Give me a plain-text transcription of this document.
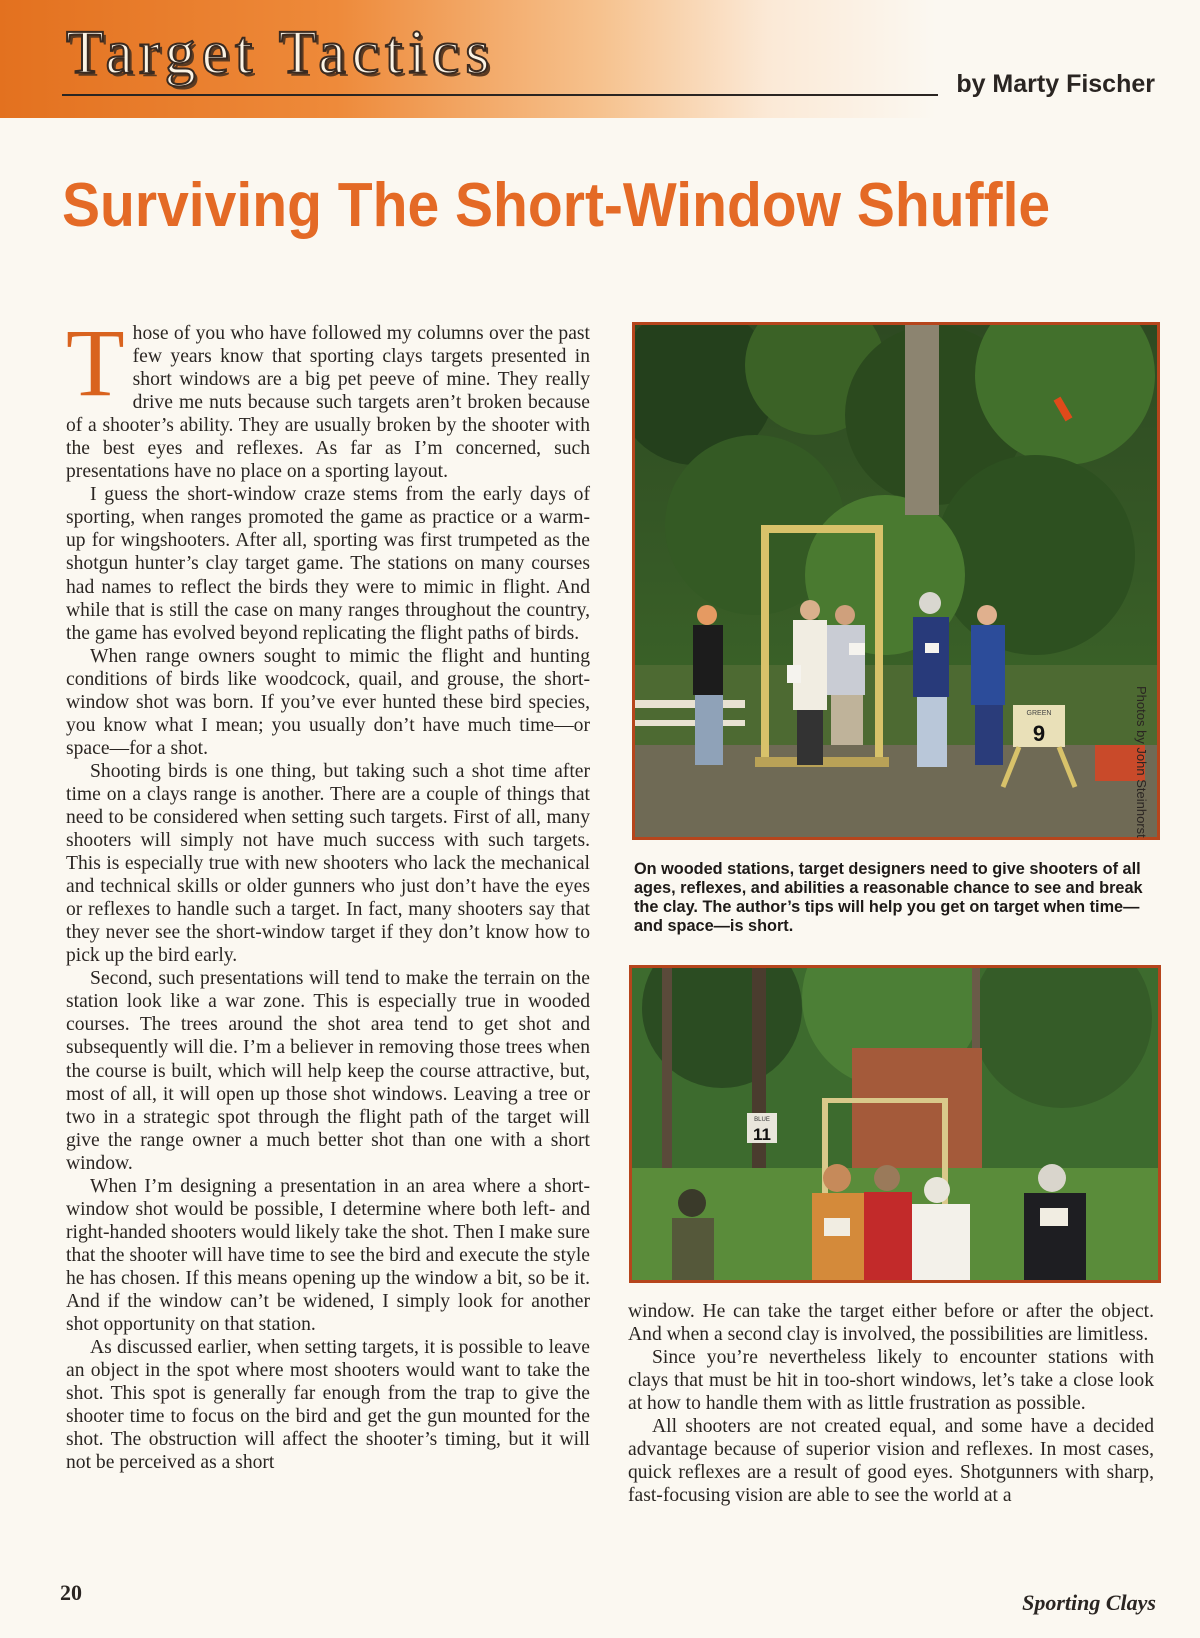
Target Tactics	by Marty Fischer
Surviving The Short-Window Shuffle

Those of you who have followed my columns over the past few years know that sporting clays targets presented in short windows are a big pet peeve of mine. They really drive me nuts because such targets aren’t broken because of a shooter’s ability. They are usually broken by the shooter with the best eyes and reflexes. As far as I’m concerned, such presentations have no place on a sporting layout.

I guess the short-window craze stems from the early days of sporting, when ranges promoted the game as practice or a warm-up for wingshooters. After all, sporting was first trumpeted as the shotgun hunter’s clay target game. The stations on many courses had names to reflect the birds they were to mimic in flight. And while that is still the case on many ranges throughout the country, the game has evolved beyond replicating the flight paths of birds.

When range owners sought to mimic the flight and hunting conditions of birds like woodcock, quail, and grouse, the short-window shot was born. If you’ve ever hunted these bird species, you know what I mean; you usually don’t have much time—or space—for a shot.

Shooting birds is one thing, but taking such a shot time after time on a clays range is another. There are a couple of things that need to be considered when setting such targets. First of all, many shooters will simply not have much success with such targets. This is especially true with new shooters who lack the mechanical and technical skills or older gunners who just don’t have the eyes or reflexes to handle such a target. In fact, many shooters say that they never see the short-window target if they don’t know how to pick up the bird early.

Second, such presentations will tend to make the terrain on the station look like a war zone. This is especially true in wooded courses. The trees around the shot area tend to get shot and subsequently will die. I’m a believer in removing those trees when the course is built, which will help keep the course attractive, but, most of all, it will open up those shot windows. Leaving a tree or two in a strategic spot through the flight path of the target will give the range owner a much better shot than one with a short window.

When I’m designing a presentation in an area where a short-window shot would be possible, I determine where both left- and right-handed shooters would likely take the shot. Then I make sure that the shooter will have time to see the bird and execute the style he has chosen. If this means opening up the window a bit, so be it. And if the window can’t be widened, I simply look for another shot opportunity on that station.

As discussed earlier, when setting targets, it is possible to leave an object in the spot where most shooters would want to take the shot. This spot is generally far enough from the trap to give the shooter time to focus on the bird and get the gun mounted for the shot. The obstruction will affect the shooter’s timing, but it will not be perceived as a short

GREEN
9	Photos by John Steinhorst
On wooded stations, target designers need to give shooters of all ages, reflexes, and abilities a reasonable chance to see and break the clay. The author’s tips will help you get on target when time—and space—is short.
BLUE
11

window. He can take the target either before or after the object. And when a second clay is involved, the possibilities are limitless.

Since you’re nevertheless likely to encounter stations with clays that must be hit in too-short windows, let’s take a close look at how to handle them with as little frustration as possible.

All shooters are not created equal, and some have a decided advantage because of superior vision and reflexes. In most cases, quick reflexes are a result of good eyes. Shotgunners with sharp, fast-focusing vision are able to see the world at a

20	Sporting Clays
